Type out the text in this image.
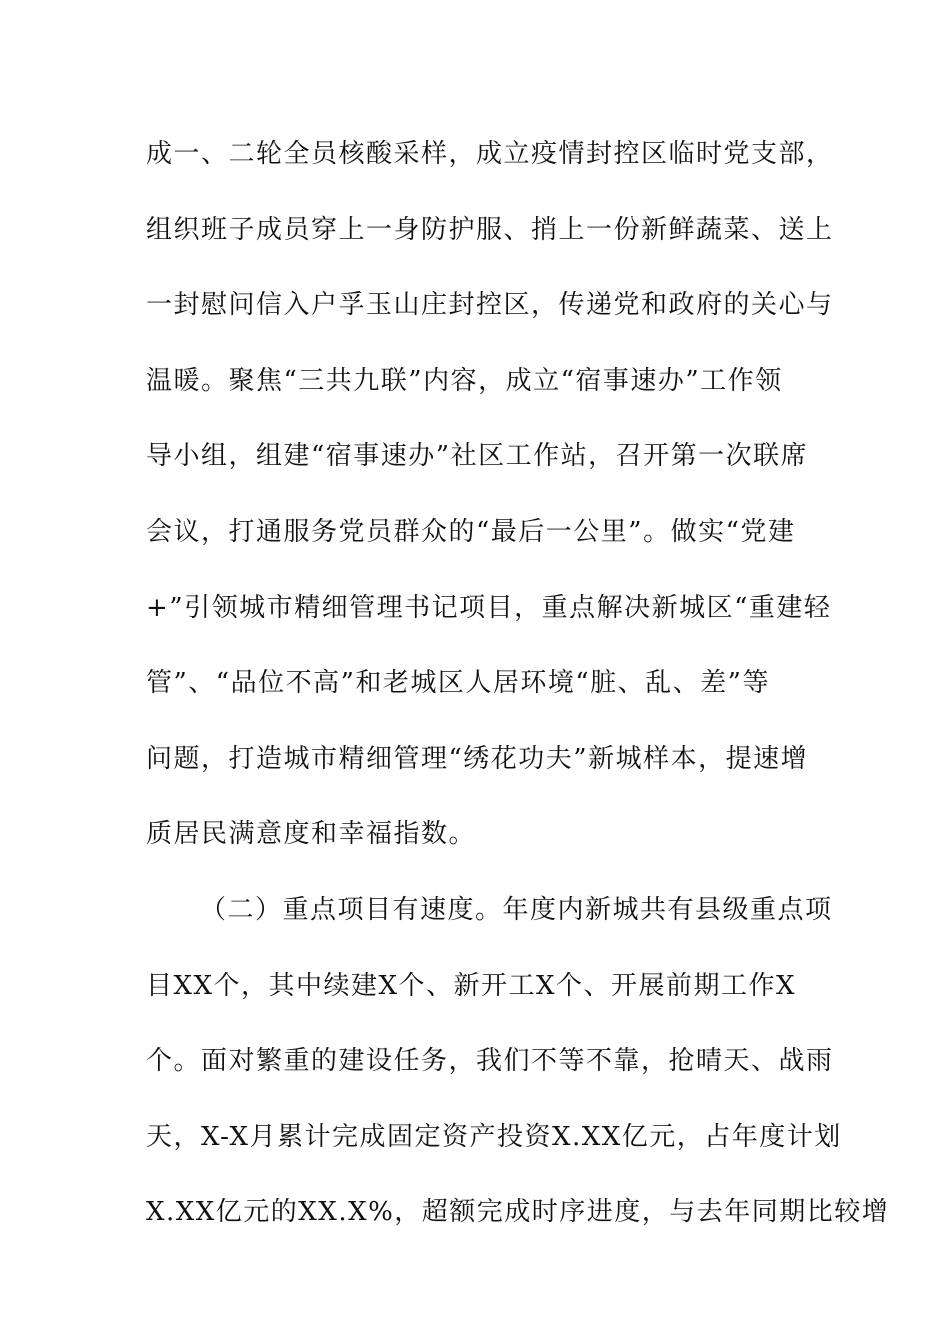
成一、二轮全员核酸采样，成立疫情封控区临时党支部，
组织班子成员穿上一身防护服、捎上一份新鲜蔬菜、送上
一封慰问信入户孚玉山庄封控区，传递党和政府的关心与
温暖。聚焦“三共九联”内容，成立“宿事速办”工作领
导小组，组建“宿事速办”社区工作站，召开第一次联席
会议，打通服务党员群众的“最后一公里”。做实“党建
+”引领城市精细管理书记项目，重点解决新城区“重建轻
管”、“品位不高”和老城区人居环境“脏、乱、差”等
问题，打造城市精细管理“绣花功夫”新城样本，提速增
质居民满意度和幸福指数。
（二）重点项目有速度。年度内新城共有县级重点项
目XX个，其中续建X个、新开工X个、开展前期工作X
个。面对繁重的建设任务，我们不等不靠，抢晴天、战雨
天，X-X月累计完成固定资产投资X.XX亿元，占年度计划
X.XX亿元的XX.X%，超额完成时序进度，与去年同期比较增
